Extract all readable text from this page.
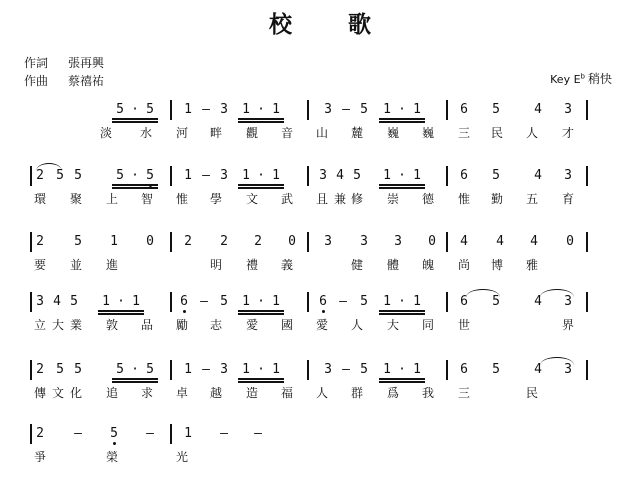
校 歌
作詞 張再興
作曲 蔡禧祐	Key $E^b$ 稍快
5 · 5	1 — 3	1 · 1	3 — 5	1 · 1	6	5	4	3
淡 水 河 畔 觀 音 山 麓 巍 巍 三 民 人 才
2 5 5	5 · 5	1 — 3	1 · 1	3 4 5	1 · 1	6	5	4	3
環 聚 上 智 惟 學 文 武 且 兼 修 崇 德 惟 勤 五 育
2	5	1	0	2	2	2	0	3	3	3	0	4	4	4	0
要 並 進	明 禮 義	健 體 魄 尚 博 雅
3 4 5	1 · 1	6 — 5	1 · 1	6 —	5	1 · 1	6	5	4	3
立 大 業 敦 品 勵 志 愛 國 愛 人 大 同 世	界
2 5 5	5 · 5	1 — 3	1 · 1	3 — 5	1 · 1	6	5	4	3
傳 文 化 追 求 卓 越 造 福 人 群 爲 我 三	民
2	—	5	—	1	—	—
爭	榮	光
